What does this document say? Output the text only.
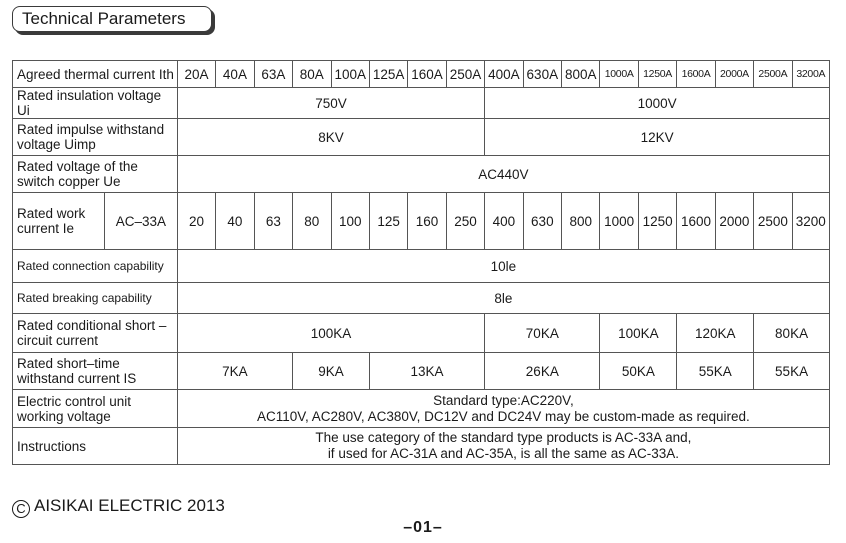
Technical Parameters
Agreed thermal current Ith		20A	40A	63A	80A	100A	125A	160A	250A	400A	630A	800A	1000A	1250A	1600A	2000A	2500A	3200A
Rated insulation voltage Ui		750V								1000V								
Rated impulse withstand voltage Uimp		8KV								12KV								
Rated voltage of the switch copper Ue		AC440V																
Rated work current Ie	AC–33A	20	40	63	80	100	125	160	250	400	630	800	1000	1250	1600	2000	2500	3200
Rated connection capability		10le																
Rated breaking capability		8le																
Rated conditional short –circuit current		100KA								70KA			100KA		120KA		80KA	
Rated short–time withstand current IS		7KA			9KA		13KA			26KA			50KA		55KA		55KA	
Electric control unit working voltage		Standard type:AC220V,
AC110V, AC280V, AC380V, DC12V and DC24V may be custom-made as required.																

Instructions		The use category of the standard type products is AC-33A and,
if used for AC-31A and AC-35A, is all the same as AC-33A.																
C AISIKAI ELECTRIC 2013
–01–
